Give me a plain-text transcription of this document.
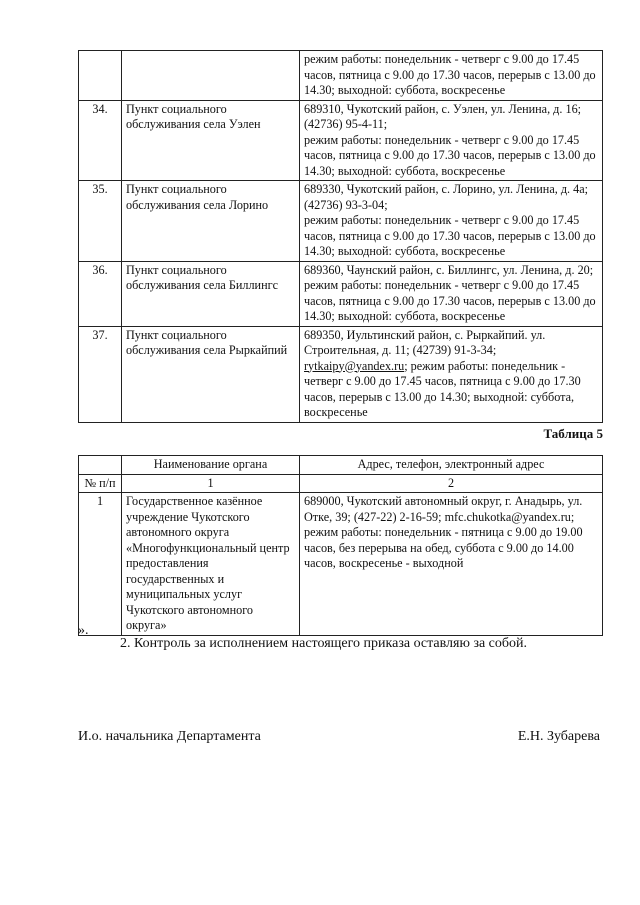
		режим работы: понедельник - четверг с 9.00 до 17.45 часов, пятница с 9.00 до 17.30 часов, перерыв с 13.00 до 14.30; выходной: суббота, воскресенье

34.	Пункт социального обслуживания села Уэлен	689310, Чукотский район, с. Уэлен, ул. Ленина, д. 16; (42736) 95-4-11;
режим работы: понедельник - четверг с 9.00 до 17.45 часов, пятница с 9.00 до 17.30 часов, перерыв с 13.00 до 14.30; выходной: суббота, воскресенье

35.	Пункт социального обслуживания села Лорино	689330, Чукотский район, с. Лорино, ул. Ленина, д. 4а; (42736) 93-3-04;
режим работы: понедельник - четверг с 9.00 до 17.45 часов, пятница с 9.00 до 17.30 часов, перерыв с 13.00 до 14.30; выходной: суббота, воскресенье

36.	Пункт социального обслуживания села Биллингс	689360, Чаунский район, с. Биллингс, ул. Ленина, д. 20;
режим работы: понедельник - четверг с 9.00 до 17.45 часов, пятница с 9.00 до 17.30 часов, перерыв с 13.00 до 14.30; выходной: суббота, воскресенье

37.	Пункт социального обслуживания села Рыркайпий	689350, Иультинский район, с. Рыркайпий. ул. Строительная, д. 11; (42739) 91-3-34; rytkaipy@yandex.ru; режим работы: понедельник - четверг с 9.00 до 17.45 часов, пятница с 9.00 до 17.30 часов, перерыв с 13.00 до 14.30; выходной: суббота, воскресенье
Таблица 5
	Наименование органа	Адрес, телефон, электронный адрес
№ п/п	1	2
1	Государственное казённое учреждение Чукотского автономного округа «Многофункциональный центр предоставления государственных и муниципальных услуг Чукотского автономного округа»	689000, Чукотский автономный округ, г. Анадырь, ул. Отке, 39; (427-22) 2-16-59; mfc.chukotka@yandex.ru; режим работы: понедельник - пятница с 9.00 до 19.00 часов, без перерыва на обед, суббота с 9.00 до 14.00 часов, воскресенье - выходной
».
2. Контроль за исполнением настоящего приказа оставляю за собой.
И.о. начальника Департамента	Е.Н. Зубарева
